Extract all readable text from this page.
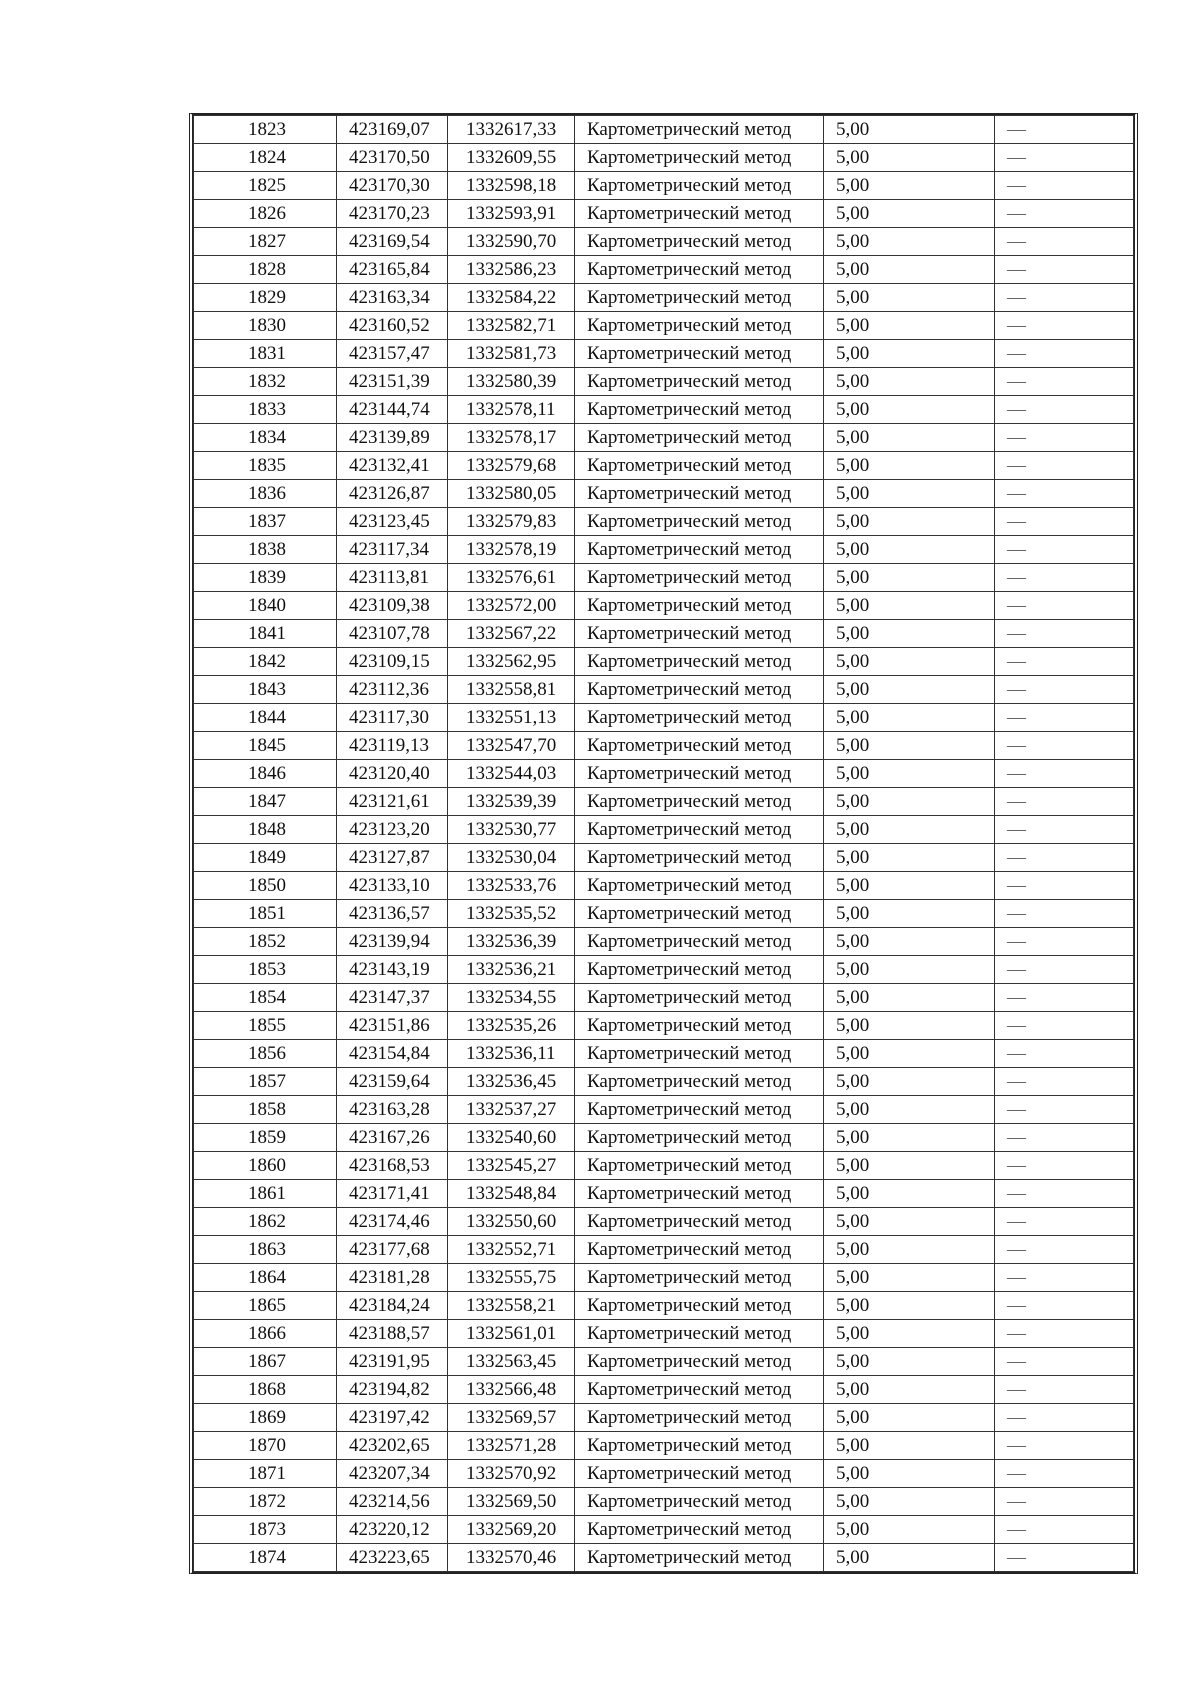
1823	423169,07	1332617,33	Картометрический метод	5,00	—
1824	423170,50	1332609,55	Картометрический метод	5,00	—
1825	423170,30	1332598,18	Картометрический метод	5,00	—
1826	423170,23	1332593,91	Картометрический метод	5,00	—
1827	423169,54	1332590,70	Картометрический метод	5,00	—
1828	423165,84	1332586,23	Картометрический метод	5,00	—
1829	423163,34	1332584,22	Картометрический метод	5,00	—
1830	423160,52	1332582,71	Картометрический метод	5,00	—
1831	423157,47	1332581,73	Картометрический метод	5,00	—
1832	423151,39	1332580,39	Картометрический метод	5,00	—
1833	423144,74	1332578,11	Картометрический метод	5,00	—
1834	423139,89	1332578,17	Картометрический метод	5,00	—
1835	423132,41	1332579,68	Картометрический метод	5,00	—
1836	423126,87	1332580,05	Картометрический метод	5,00	—
1837	423123,45	1332579,83	Картометрический метод	5,00	—
1838	423117,34	1332578,19	Картометрический метод	5,00	—
1839	423113,81	1332576,61	Картометрический метод	5,00	—
1840	423109,38	1332572,00	Картометрический метод	5,00	—
1841	423107,78	1332567,22	Картометрический метод	5,00	—
1842	423109,15	1332562,95	Картометрический метод	5,00	—
1843	423112,36	1332558,81	Картометрический метод	5,00	—
1844	423117,30	1332551,13	Картометрический метод	5,00	—
1845	423119,13	1332547,70	Картометрический метод	5,00	—
1846	423120,40	1332544,03	Картометрический метод	5,00	—
1847	423121,61	1332539,39	Картометрический метод	5,00	—
1848	423123,20	1332530,77	Картометрический метод	5,00	—
1849	423127,87	1332530,04	Картометрический метод	5,00	—
1850	423133,10	1332533,76	Картометрический метод	5,00	—
1851	423136,57	1332535,52	Картометрический метод	5,00	—
1852	423139,94	1332536,39	Картометрический метод	5,00	—
1853	423143,19	1332536,21	Картометрический метод	5,00	—
1854	423147,37	1332534,55	Картометрический метод	5,00	—
1855	423151,86	1332535,26	Картометрический метод	5,00	—
1856	423154,84	1332536,11	Картометрический метод	5,00	—
1857	423159,64	1332536,45	Картометрический метод	5,00	—
1858	423163,28	1332537,27	Картометрический метод	5,00	—
1859	423167,26	1332540,60	Картометрический метод	5,00	—
1860	423168,53	1332545,27	Картометрический метод	5,00	—
1861	423171,41	1332548,84	Картометрический метод	5,00	—
1862	423174,46	1332550,60	Картометрический метод	5,00	—
1863	423177,68	1332552,71	Картометрический метод	5,00	—
1864	423181,28	1332555,75	Картометрический метод	5,00	—
1865	423184,24	1332558,21	Картометрический метод	5,00	—
1866	423188,57	1332561,01	Картометрический метод	5,00	—
1867	423191,95	1332563,45	Картометрический метод	5,00	—
1868	423194,82	1332566,48	Картометрический метод	5,00	—
1869	423197,42	1332569,57	Картометрический метод	5,00	—
1870	423202,65	1332571,28	Картометрический метод	5,00	—
1871	423207,34	1332570,92	Картометрический метод	5,00	—
1872	423214,56	1332569,50	Картометрический метод	5,00	—
1873	423220,12	1332569,20	Картометрический метод	5,00	—
1874	423223,65	1332570,46	Картометрический метод	5,00	—
